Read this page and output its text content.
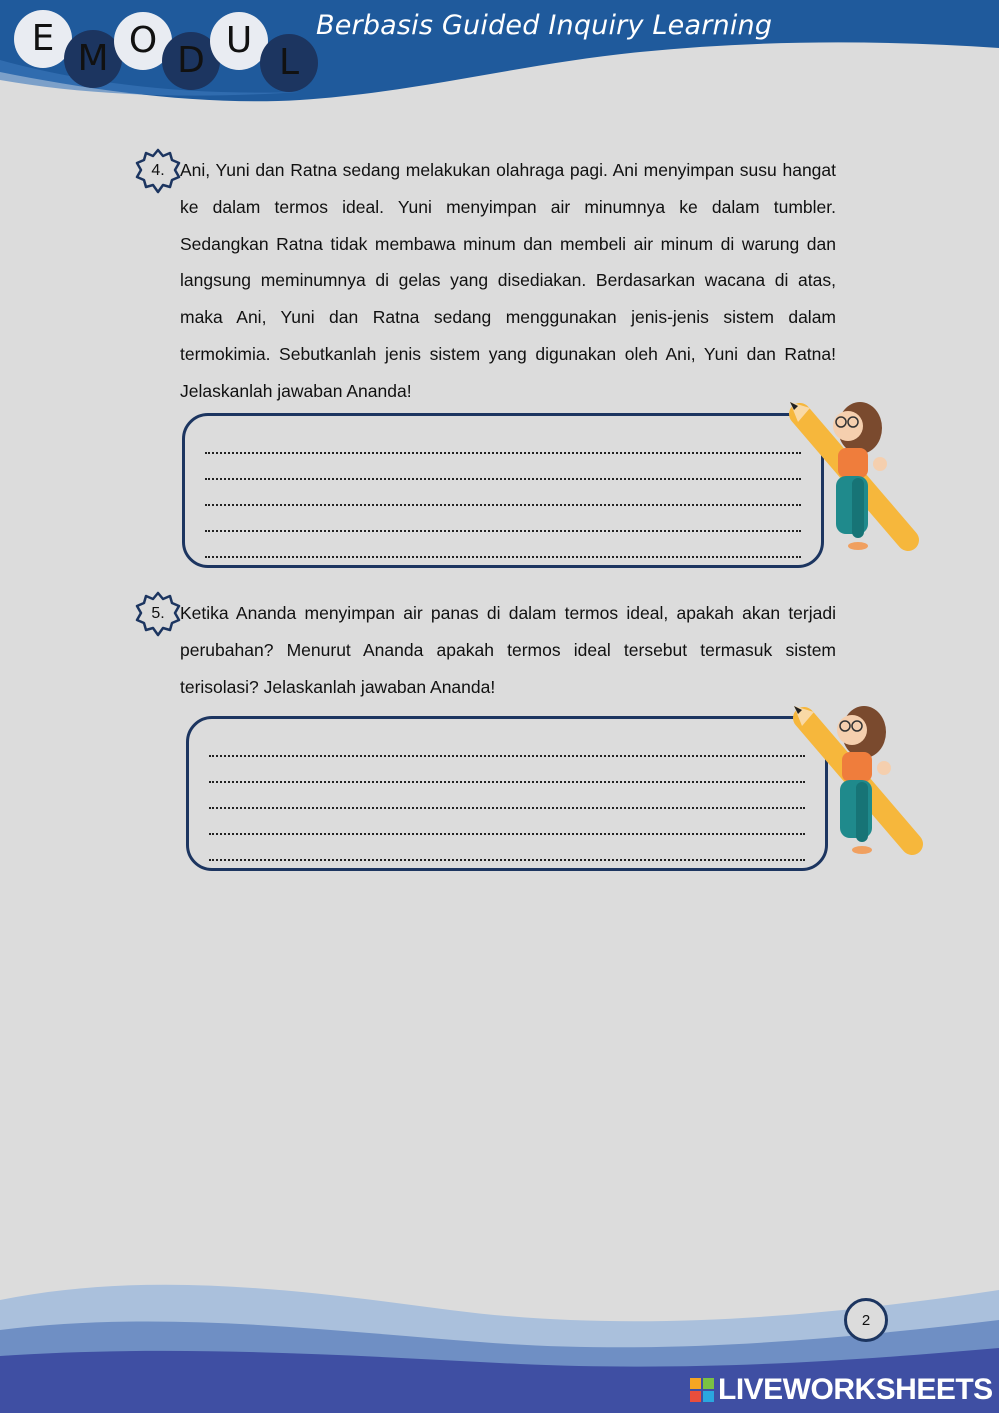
E M O D U
L
Berbasis Guided Inquiry Learning
4. Ani, Yuni dan Ratna sedang melakukan olahraga pagi. Ani menyimpan susu hangat ke dalam termos ideal. Yuni menyimpan air minumnya ke dalam tumbler. Sedangkan Ratna tidak membawa minum dan membeli air minum di warung dan langsung meminumnya di gelas yang disediakan. Berdasarkan wacana di atas, maka Ani, Yuni dan Ratna sedang menggunakan jenis-jenis sistem dalam termokimia. Sebutkanlah jenis sistem yang digunakan oleh Ani, Yuni dan Ratna! Jelaskanlah jawaban Ananda!

5. Ketika Ananda menyimpan air panas di dalam termos ideal, apakah akan terjadi perubahan? Menurut Ananda apakah termos ideal tersebut termasuk sistem terisolasi? Jelaskanlah jawaban Ananda!

2
LIVEWORKSHEETS
